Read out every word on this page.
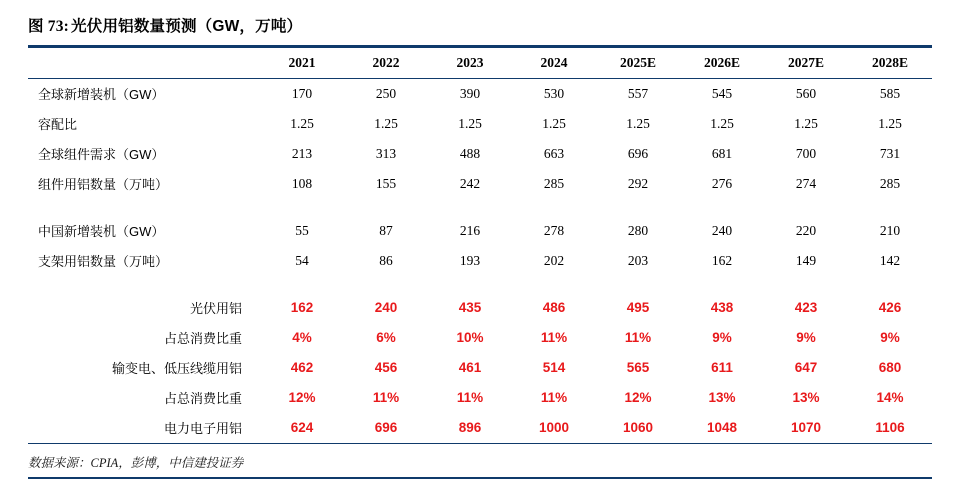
图 73: 光伏用铝数量预测（GW，万吨）
	2021	2022	2023	2024	2025E	2026E	2027E	2028E
全球新增装机（GW）	170	250	390	530	557	545	560	585
容配比	1.25	1.25	1.25	1.25	1.25	1.25	1.25	1.25
全球组件需求（GW）	213	313	488	663	696	681	700	731
组件用铝数量（万吨）	108	155	242	285	292	276	274	285

中国新增装机（GW）	55	87	216	278	280	240	220	210
支架用铝数量（万吨）	54	86	193	202	203	162	149	142

光伏用铝	162	240	435	486	495	438	423	426
占总消费比重	4%	6%	10%	11%	11%	9%	9%	9%
输变电、低压线缆用铝	462	456	461	514	565	611	647	680
占总消费比重	12%	11%	11%	11%	12%	13%	13%	14%
电力电子用铝	624	696	896	1000	1060	1048	1070	1106
数据来源：CPIA，彭博，中信建投证券
